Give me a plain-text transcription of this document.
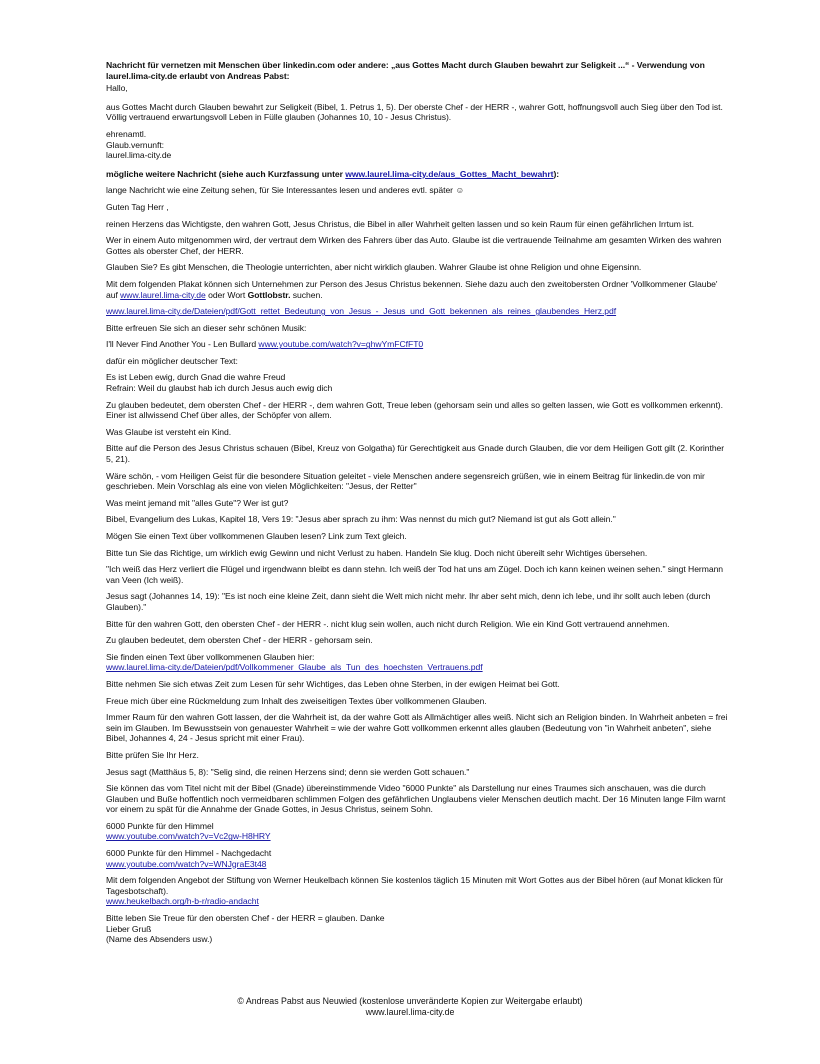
Nachricht für vernetzen mit Menschen über linkedin.com oder andere: „aus Gottes Macht durch Glauben bewahrt zur Seligkeit ...“ - Verwendung von laurel.lima-city.de erlaubt von Andreas Pabst:
Hallo,
aus Gottes Macht durch Glauben bewahrt zur Seligkeit (Bibel, 1. Petrus 1, 5). Der oberste Chef - der HERR -, wahrer Gott, hoffnungsvoll auch Sieg über den Tod ist. Völlig vertrauend erwartungsvoll Leben in Fülle glauben (Johannes 10, 10 - Jesus Christus).
ehrenamtl.
Glaub.vernunft:
laurel.lima-city.de
mögliche weitere Nachricht (siehe auch Kurzfassung unter www.laurel.lima-city.de/aus_Gottes_Macht_bewahrt):
lange Nachricht wie eine Zeitung sehen, für Sie Interessantes lesen und anderes evtl. später ☺
Guten Tag Herr ,
reinen Herzens das Wichtigste, den wahren Gott, Jesus Christus, die Bibel in aller Wahrheit gelten lassen und so kein Raum für einen gefährlichen Irrtum ist.
Wer in einem Auto mitgenommen wird, der vertraut dem Wirken des Fahrers über das Auto. Glaube ist die vertrauende Teilnahme am gesamten Wirken des wahren Gottes als oberster Chef, der HERR.
Glauben Sie? Es gibt Menschen, die Theologie unterrichten, aber nicht wirklich glauben. Wahrer Glaube ist ohne Religion und ohne Eigensinn.
Mit dem folgenden Plakat können sich Unternehmen zur Person des Jesus Christus bekennen. Siehe dazu auch den zweitobersten Ordner 'Vollkommener Glaube' auf www.laurel.lima-city.de oder Wort Gottlobstr. suchen.
www.laurel.lima-city.de/Dateien/pdf/Gott_rettet_Bedeutung_von_Jesus_-_Jesus_und_Gott_bekennen_als_reines_glaubendes_Herz.pdf
Bitte erfreuen Sie sich an dieser sehr schönen Musik:
I'll Never Find Another You - Len Bullard www.youtube.com/watch?v=ghwYmFCfFT0
dafür ein möglicher deutscher Text:
Es ist Leben ewig, durch Gnad die wahre Freud
Refrain: Weil du glaubst hab ich durch Jesus auch ewig dich
Zu glauben bedeutet, dem obersten Chef - der HERR -, dem wahren Gott, Treue leben (gehorsam sein und alles so gelten lassen, wie Gott es vollkommen erkennt). Einer ist allwissend Chef über alles, der Schöpfer von allem.
Was Glaube ist versteht ein Kind.
Bitte auf die Person des Jesus Christus schauen (Bibel, Kreuz von Golgatha) für Gerechtigkeit aus Gnade durch Glauben, die vor dem Heiligen Gott gilt (2. Korinther 5, 21).
Wäre schön, - vom Heiligen Geist für die besondere Situation geleitet - viele Menschen andere segensreich grüßen, wie in einem Beitrag für linkedin.de von mir geschrieben. Mein Vorschlag als eine von vielen Möglichkeiten: "Jesus, der Retter"
Was meint jemand mit "alles Gute"? Wer ist gut?
Bibel, Evangelium des Lukas, Kapitel 18, Vers 19: "Jesus aber sprach zu ihm: Was nennst du mich gut? Niemand ist gut als Gott allein."
Mögen Sie einen Text über vollkommenen Glauben lesen? Link zum Text gleich.
Bitte tun Sie das Richtige, um wirklich ewig Gewinn und nicht Verlust zu haben. Handeln Sie klug. Doch nicht übereilt sehr Wichtiges übersehen.
"Ich weiß das Herz verliert die Flügel und irgendwann bleibt es dann stehn. Ich weiß der Tod hat uns am Zügel. Doch ich kann keinen weinen sehen." singt Hermann van Veen (Ich weiß).
Jesus sagt (Johannes 14, 19): "Es ist noch eine kleine Zeit, dann sieht die Welt mich nicht mehr. Ihr aber seht mich, denn ich lebe, und ihr sollt auch leben (durch Glauben)."
Bitte für den wahren Gott, den obersten Chef - der HERR -. nicht klug sein wollen, auch nicht durch Religion. Wie ein Kind Gott vertrauend annehmen.
Zu glauben bedeutet, dem obersten Chef - der HERR - gehorsam sein.
Sie finden einen Text über vollkommenen Glauben hier:
www.laurel.lima-city.de/Dateien/pdf/Vollkommener_Glaube_als_Tun_des_hoechsten_Vertrauens.pdf
Bitte nehmen Sie sich etwas Zeit zum Lesen für sehr Wichtiges, das Leben ohne Sterben, in der ewigen Heimat bei Gott.
Freue mich über eine Rückmeldung zum Inhalt des zweiseitigen Textes über vollkommenen Glauben.
Immer Raum für den wahren Gott lassen, der die Wahrheit ist, da der wahre Gott als Allmächtiger alles weiß. Nicht sich an Religion binden. In Wahrheit anbeten = frei sein im Glauben. Im Bewusstsein von genauester Wahrheit = wie der wahre Gott vollkommen erkennt alles glauben (Bedeutung von "in Wahrheit anbeten", siehe Bibel, Johannes 4, 24 - Jesus spricht mit einer Frau).
Bitte prüfen Sie Ihr Herz.
Jesus sagt (Matthäus 5, 8): "Selig sind, die reinen Herzens sind; denn sie werden Gott schauen."
Sie können das vom Titel nicht mit der Bibel (Gnade) übereinstimmende Video "6000 Punkte" als Darstellung nur eines Traumes sich anschauen, was die durch Glauben und Buße hoffentlich noch vermeidbaren schlimmen Folgen des gefährlichen Unglaubens vieler Menschen deutlich macht. Der 16 Minuten lange Film warnt vor einem zu spät für die Annahme der Gnade Gottes, in Jesus Christus, seinem Sohn.
6000 Punkte für den Himmel
www.youtube.com/watch?v=Vc2gw-H8HRY
6000 Punkte für den Himmel - Nachgedacht
www.youtube.com/watch?v=WNJgraE3t48
Mit dem folgenden Angebot der Stiftung von Werner Heukelbach können Sie kostenlos täglich 15 Minuten mit Wort Gottes aus der Bibel hören (auf Monat klicken für Tagesbotschaft).
www.heukelbach.org/h-b-r/radio-andacht
Bitte leben Sie Treue für den obersten Chef - der HERR = glauben. Danke
Lieber Gruß
(Name des Absenders usw.)
© Andreas Pabst aus Neuwied (kostenlose unveränderte Kopien zur Weitergabe erlaubt)
www.laurel.lima-city.de
